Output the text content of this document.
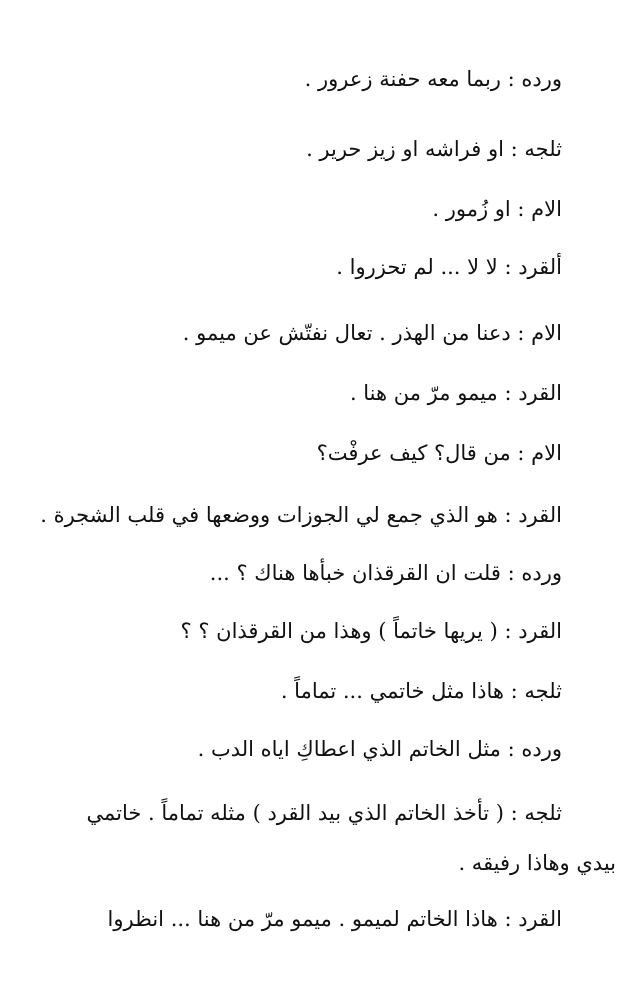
ورده : ربما معه حفنة زعرور .
ثلجه : او فراشه او زيز حرير .
الام : او زُمور .
ألقرد : لا لا ... لم تحزروا .
الام : دعنا من الهذر . تعال نفتّش عن ميمو .
القرد : ميمو مرّ من هنا .
الام : من قال؟ كيف عرفْت؟
القرد : هو الذي جمع لي الجوزات ووضعها في قلب الشجرة .
ورده : قلت ان القرقذان خبأها هناك ؟ ...
القرد : ( يريها خاتماً ) وهذا من القرقذان ؟ ؟
ثلجه : هاذا مثل خاتمي ... تماماً .
ورده : مثل الخاتم الذي اعطاكِ اياه الدب .
ثلجه : ( تأخذ الخاتم الذي بيد القرد ) مثله تماماً . خاتمي
بيدي وهاذا رفيقه .
القرد : هاذا الخاتم لميمو . ميمو مرّ من هنا ... انظروا
